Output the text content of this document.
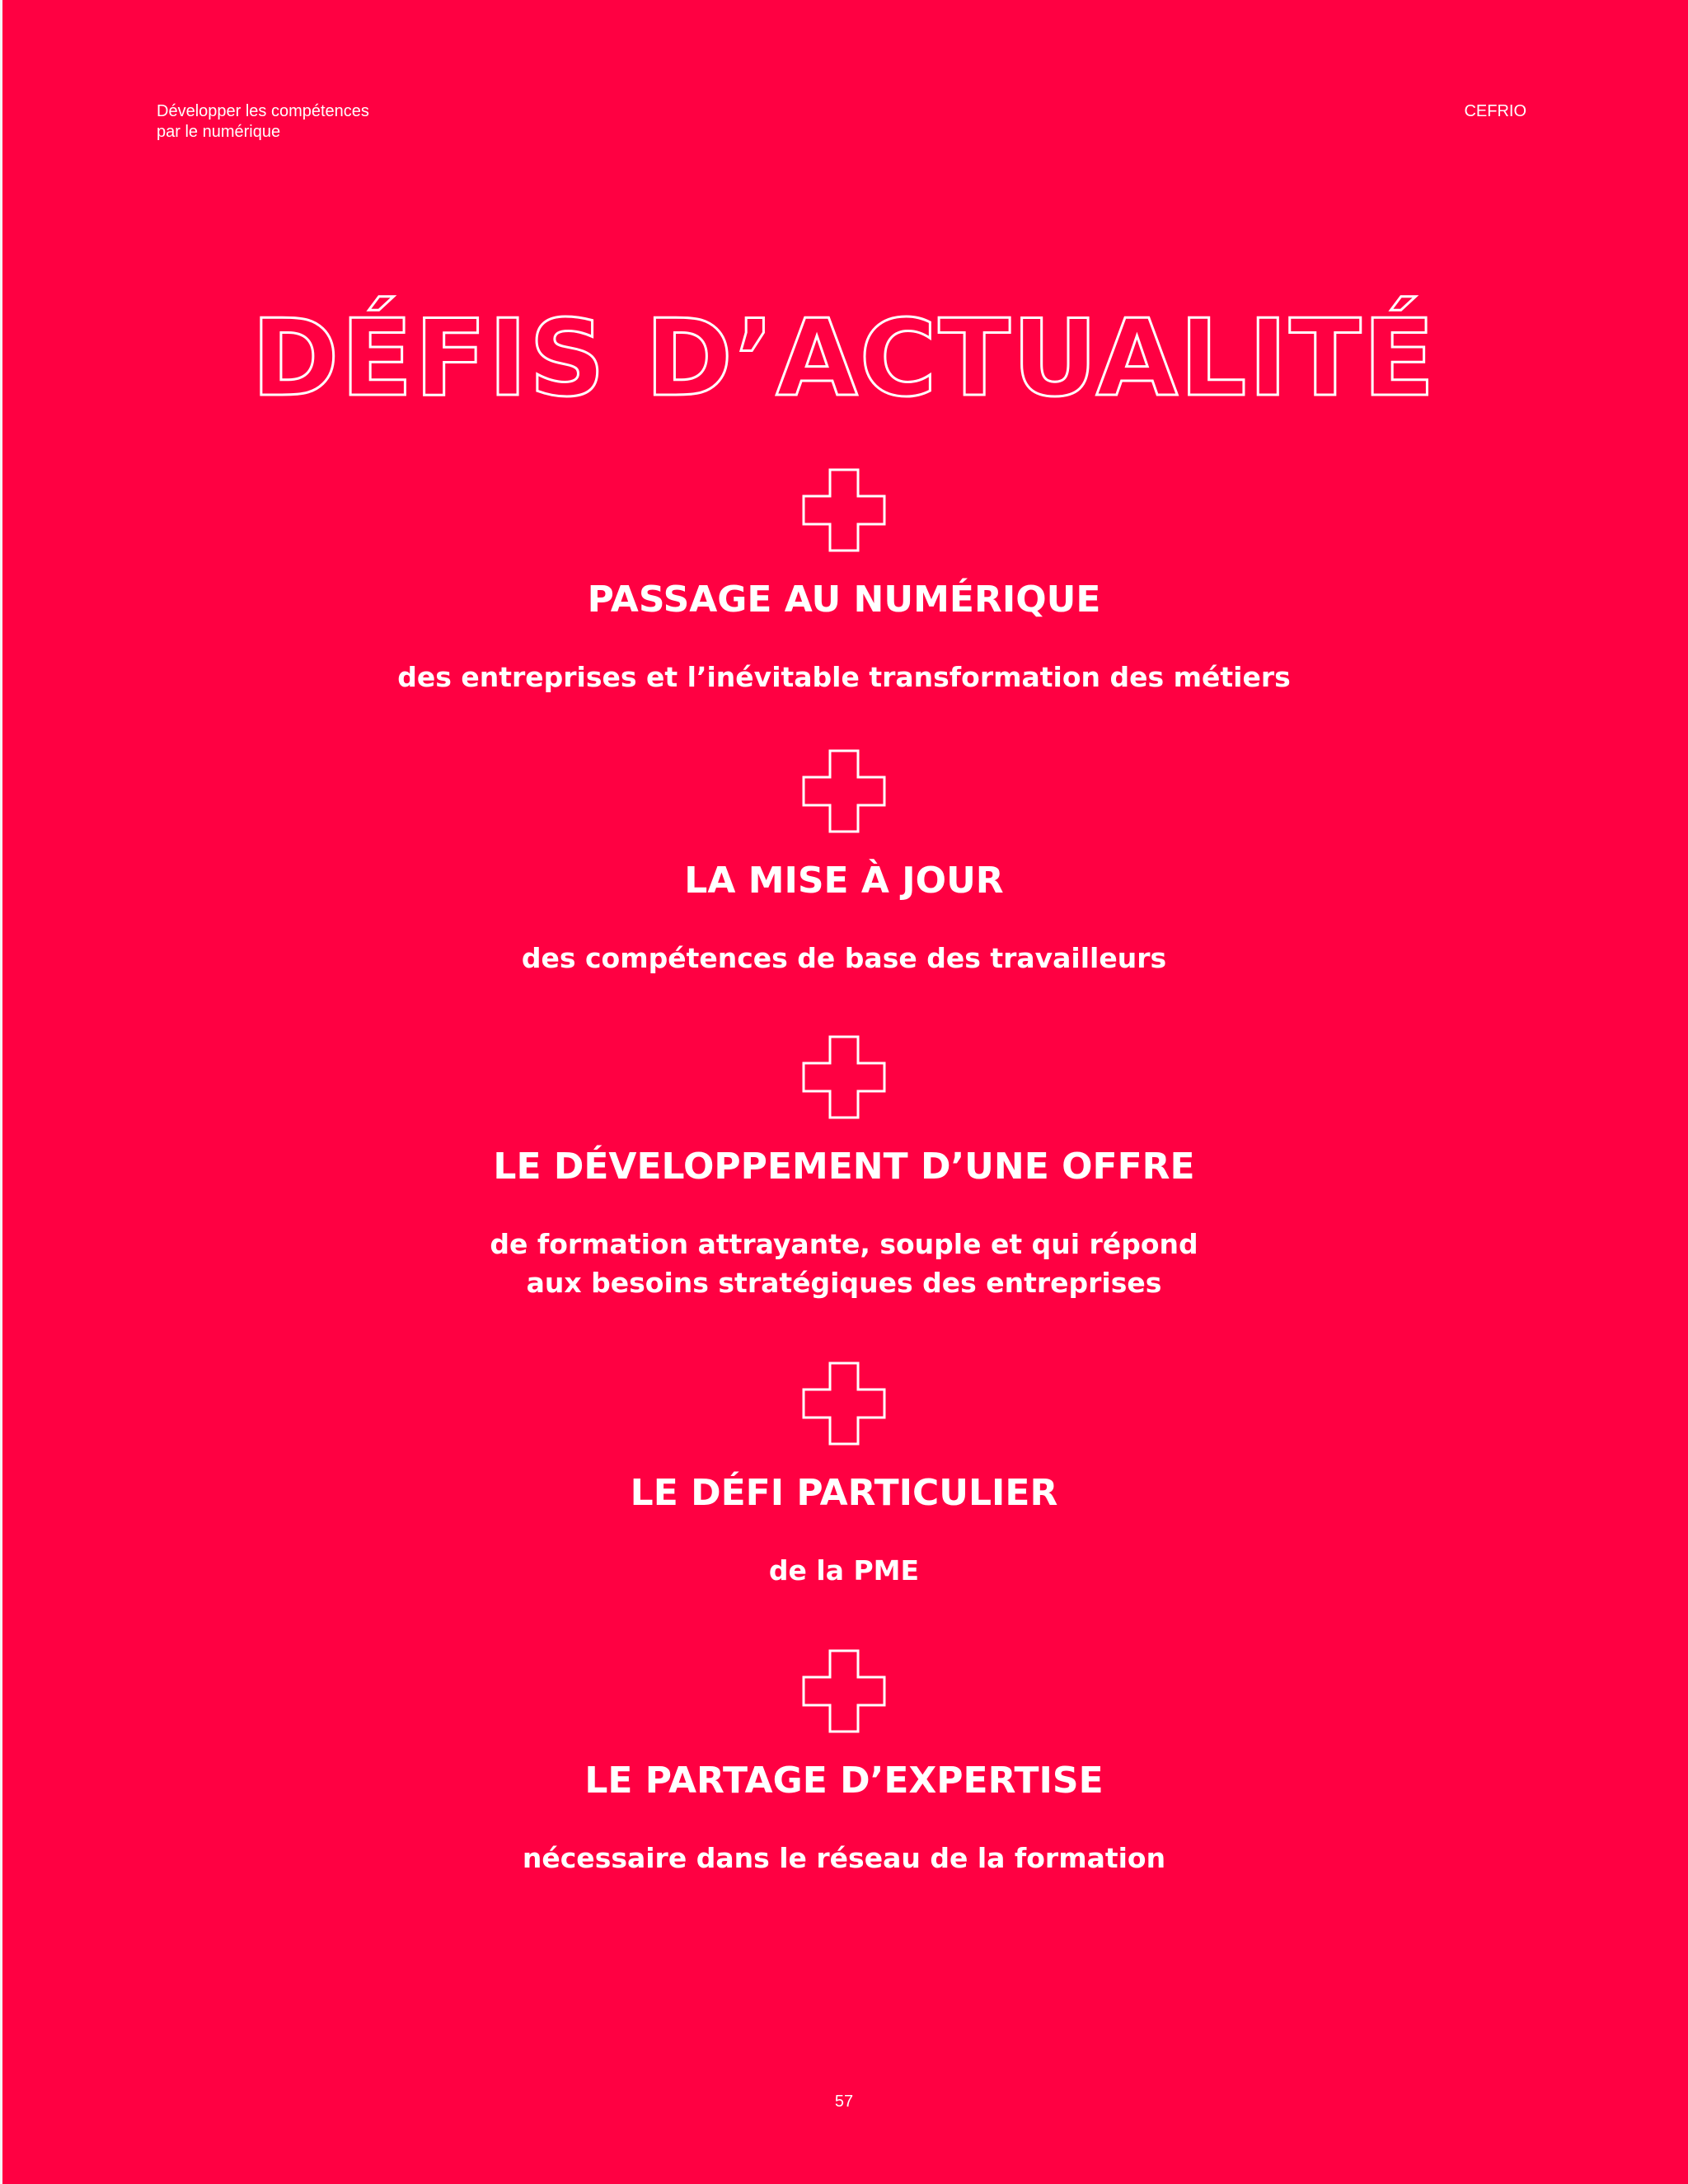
Développer les compétences
par le numérique
CEFRIO
DÉFIS D’ACTUALITÉ

PASSAGE AU NUMÉRIQUE

des entreprises et l’inévitable transformation des métiers

LA MISE À JOUR

des compétences de base des travailleurs

LE DÉVELOPPEMENT D’UNE OFFRE

de formation attrayante, souple et qui répond
aux besoins stratégiques des entreprises

LE DÉFI PARTICULIER

de la PME

LE PARTAGE D’EXPERTISE

nécessaire dans le réseau de la formation

57
